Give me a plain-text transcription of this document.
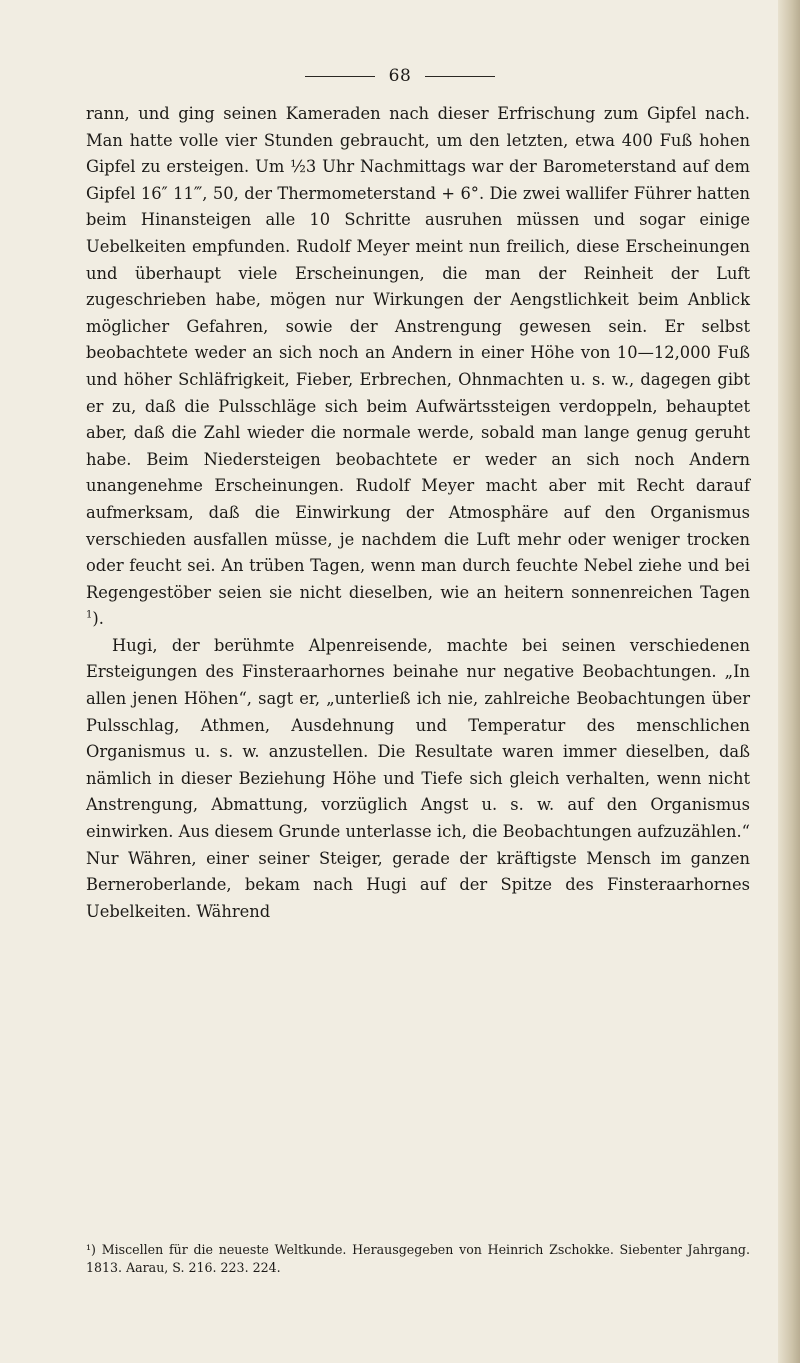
68

rann, und ging seinen Kameraden nach dieser Erfrischung zum Gipfel nach. Man hatte volle vier Stunden gebraucht, um den letzten, etwa 400 Fuß hohen Gipfel zu ersteigen. Um ½3 Uhr Nachmittags war der Barometerstand auf dem Gipfel 16″ 11‴, 50, der Thermometerstand + 6°. Die zwei wallifer Führer hatten beim Hinansteigen alle 10 Schritte ausruhen müssen und sogar einige Uebelkeiten empfunden. Rudolf Meyer meint nun freilich, diese Erscheinungen und überhaupt viele Erscheinungen, die man der Reinheit der Luft zugeschrieben habe, mögen nur Wirkungen der Aengstlichkeit beim Anblick möglicher Gefahren, sowie der Anstrengung gewesen sein. Er selbst beobachtete weder an sich noch an Andern in einer Höhe von 10—12,000 Fuß und höher Schläfrigkeit, Fieber, Erbrechen, Ohnmachten u. s. w., dagegen gibt er zu, daß die Pulsschläge sich beim Aufwärtssteigen verdoppeln, behauptet aber, daß die Zahl wieder die normale werde, sobald man lange genug geruht habe. Beim Niedersteigen beobachtete er weder an sich noch Andern unangenehme Erscheinungen. Rudolf Meyer macht aber mit Recht darauf aufmerksam, daß die Einwirkung der Atmosphäre auf den Organismus verschieden ausfallen müsse, je nachdem die Luft mehr oder weniger trocken oder feucht sei. An trüben Tagen, wenn man durch feuchte Nebel ziehe und bei Regengestöber seien sie nicht dieselben, wie an heitern sonnenreichen Tagen $^1$).

Hugi, der berühmte Alpenreisende, machte bei seinen verschiedenen Ersteigungen des Finsteraarhornes beinahe nur negative Beobachtungen. „In allen jenen Höhen“, sagt er, „unterließ ich nie, zahlreiche Beobachtungen über Pulsschlag, Athmen, Ausdehnung und Temperatur des menschlichen Organismus u. s. w. anzustellen. Die Resultate waren immer dieselben, daß nämlich in dieser Beziehung Höhe und Tiefe sich gleich verhalten, wenn nicht Anstrengung, Abmattung, vorzüglich Angst u. s. w. auf den Organismus einwirken. Aus diesem Grunde unterlasse ich, die Beobachtungen aufzuzählen.“ Nur Währen, einer seiner Steiger, gerade der kräftigste Mensch im ganzen Berneroberlande, bekam nach Hugi auf der Spitze des Finsteraarhornes Uebelkeiten. Während

¹) Miscellen für die neueste Weltkunde. Herausgegeben von Heinrich Zschokke. Siebenter Jahrgang. 1813. Aarau, S. 216. 223. 224.
